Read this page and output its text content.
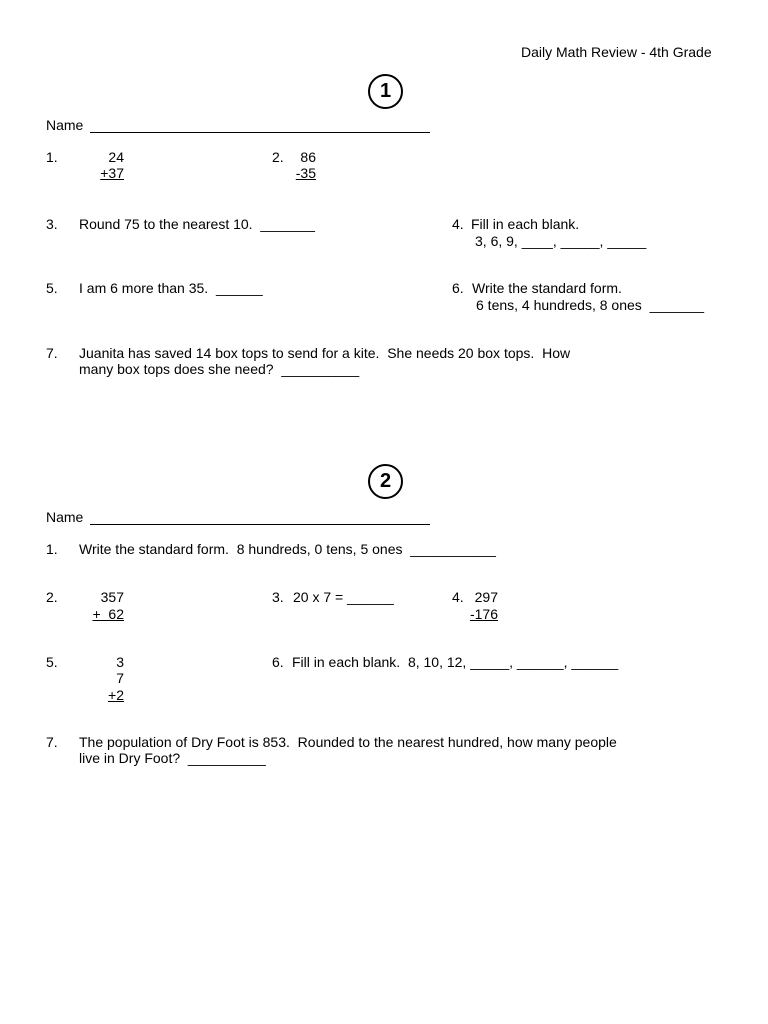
Daily Math Review - 4th Grade
1
Name
1.	24
+37
2.	86
-35
3. Round 75 to the nearest 10.  _______	4. Fill in each blank.
3, 6, 9, ____, _____, _____
5. I am 6 more than 35.  ______	6. Write the standard form.
6 tens, 4 hundreds, 8 ones  _______
7. Juanita has saved 14 box tops to send for a kite.  She needs 20 box tops.  How
many box tops does she need?  __________
2
Name
1. Write the standard form.  8 hundreds, 0 tens, 5 ones  ___________
2.	357
+  62
3. 20 x 7 = ______	4. 297
-176
5.	3
7
+2
6. Fill in each blank.  8, 10, 12, _____, ______, ______
7. The population of Dry Foot is 853.  Rounded to the nearest hundred, how many people
live in Dry Foot?  __________
